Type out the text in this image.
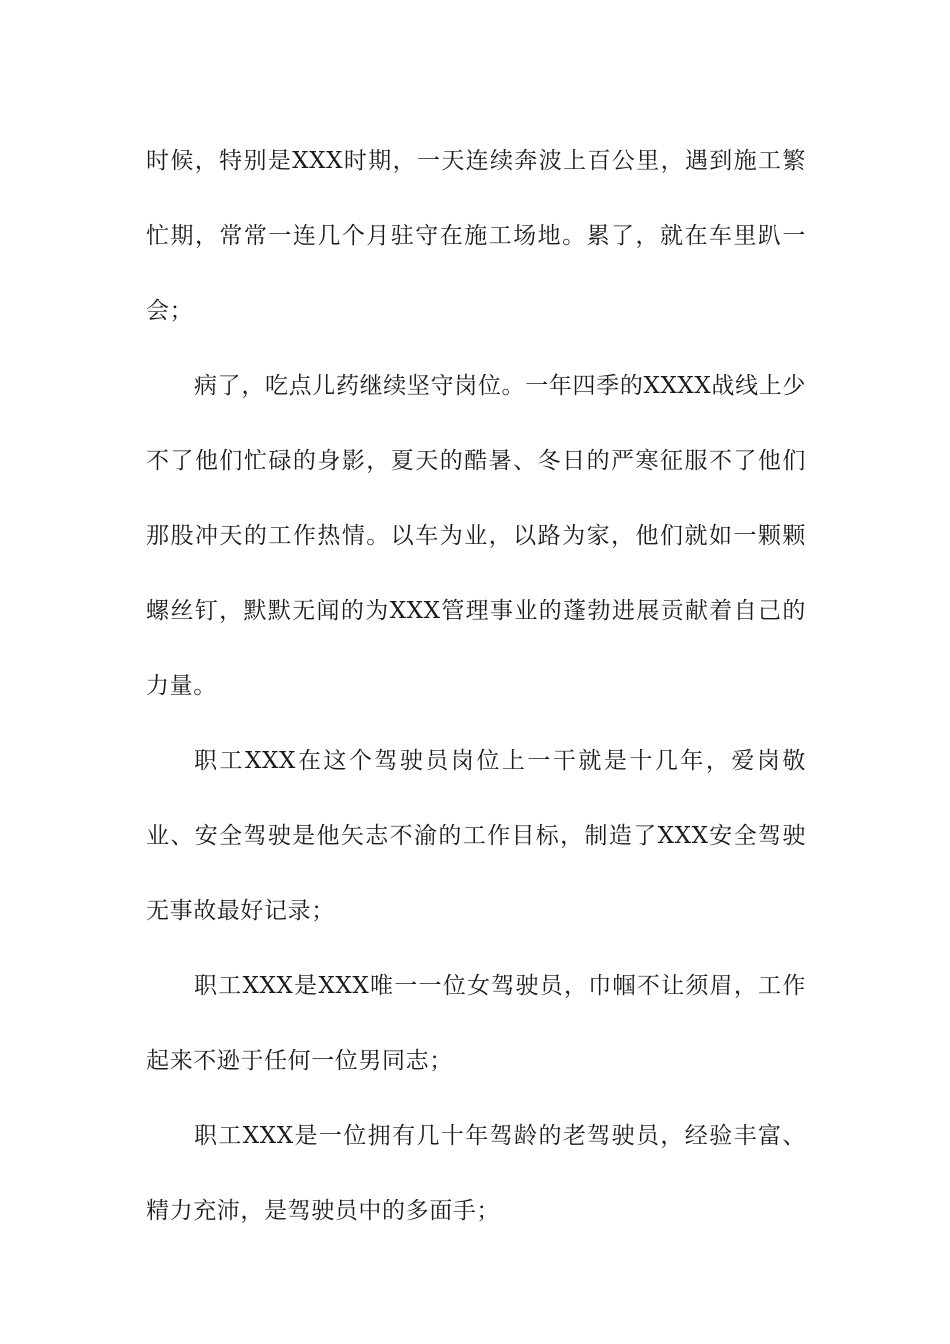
时候，特别是XXX时期，一天连续奔波上百公里，遇到施工繁忙期，常常一连几个月驻守在施工场地。累了，就在车里趴一会；

病了，吃点儿药继续坚守岗位。一年四季的XXXX战线上少不了他们忙碌的身影，夏天的酷暑、冬日的严寒征服不了他们那股冲天的工作热情。以车为业，以路为家，他们就如一颗颗螺丝钉，默默无闻的为XXX管理事业的蓬勃进展贡献着自己的力量。

职工XXX在这个驾驶员岗位上一干就是十几年，爱岗敬业、安全驾驶是他矢志不渝的工作目标，制造了XXX安全驾驶无事故最好记录；

职工XXX是XXX唯一一位女驾驶员，巾帼不让须眉，工作起来不逊于任何一位男同志；

职工XXX是一位拥有几十年驾龄的老驾驶员，经验丰富、精力充沛，是驾驶员中的多面手；
